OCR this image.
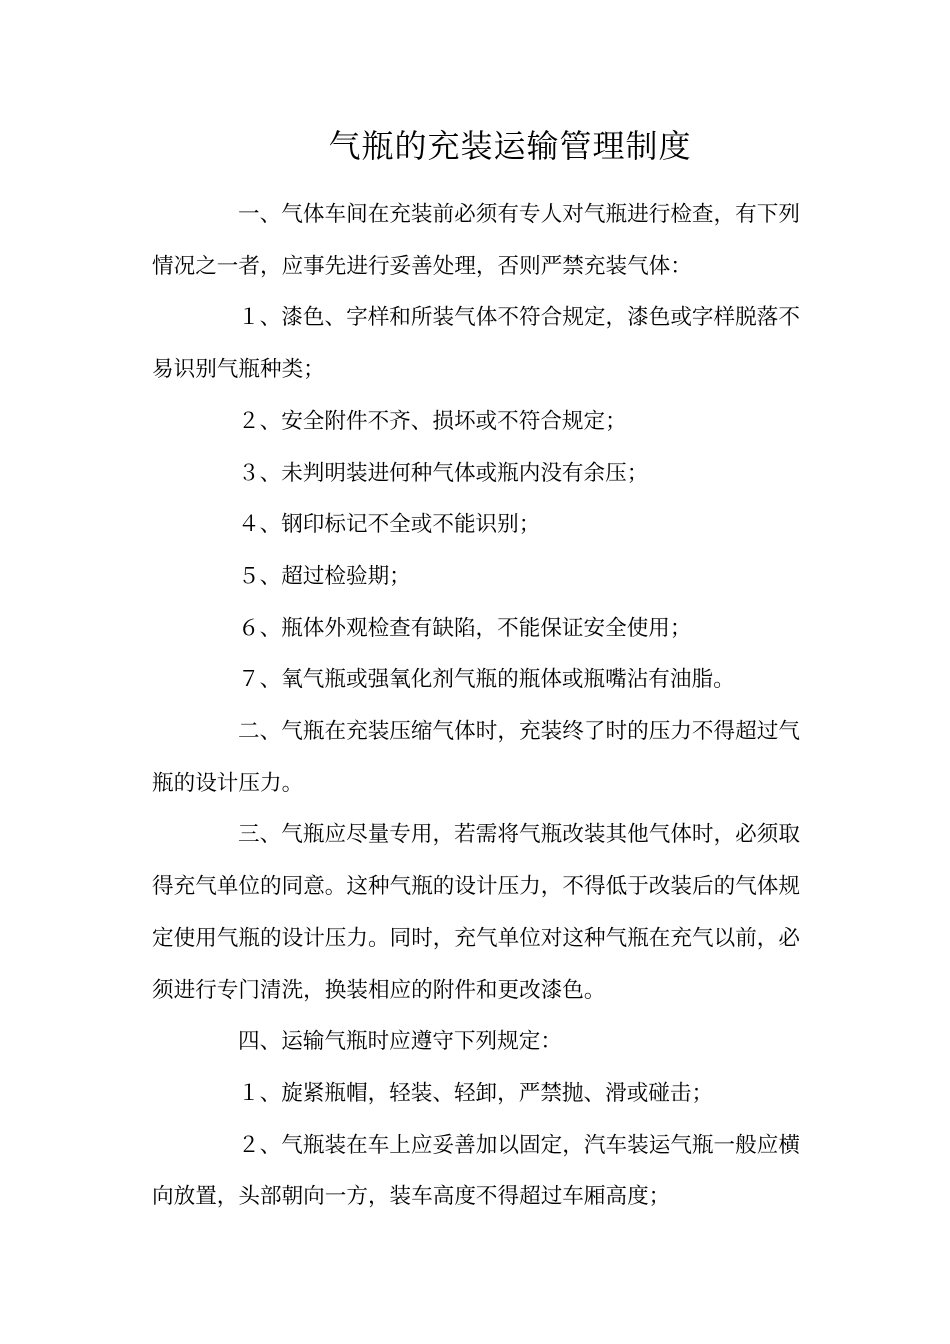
气瓶的充装运输管理制度

一、气体车间在充装前必须有专人对气瓶进行检查，有下列情况之一者，应事先进行妥善处理，否则严禁充装气体：

１、漆色、字样和所装气体不符合规定，漆色或字样脱落不易识别气瓶种类；

２、安全附件不齐、损坏或不符合规定；

３、未判明装进何种气体或瓶内没有余压；

４、钢印标记不全或不能识别；

５、超过检验期；

６、瓶体外观检查有缺陷，不能保证安全使用；

７、氧气瓶或强氧化剂气瓶的瓶体或瓶嘴沾有油脂。

二、气瓶在充装压缩气体时，充装终了时的压力不得超过气瓶的设计压力。

三、气瓶应尽量专用，若需将气瓶改装其他气体时，必须取得充气单位的同意。这种气瓶的设计压力，不得低于改装后的气体规定使用气瓶的设计压力。同时，充气单位对这种气瓶在充气以前，必须进行专门清洗，换装相应的附件和更改漆色。

四、运输气瓶时应遵守下列规定：

１、旋紧瓶帽，轻装、轻卸，严禁抛、滑或碰击；

２、气瓶装在车上应妥善加以固定，汽车装运气瓶一般应横向放置，头部朝向一方，装车高度不得超过车厢高度；
